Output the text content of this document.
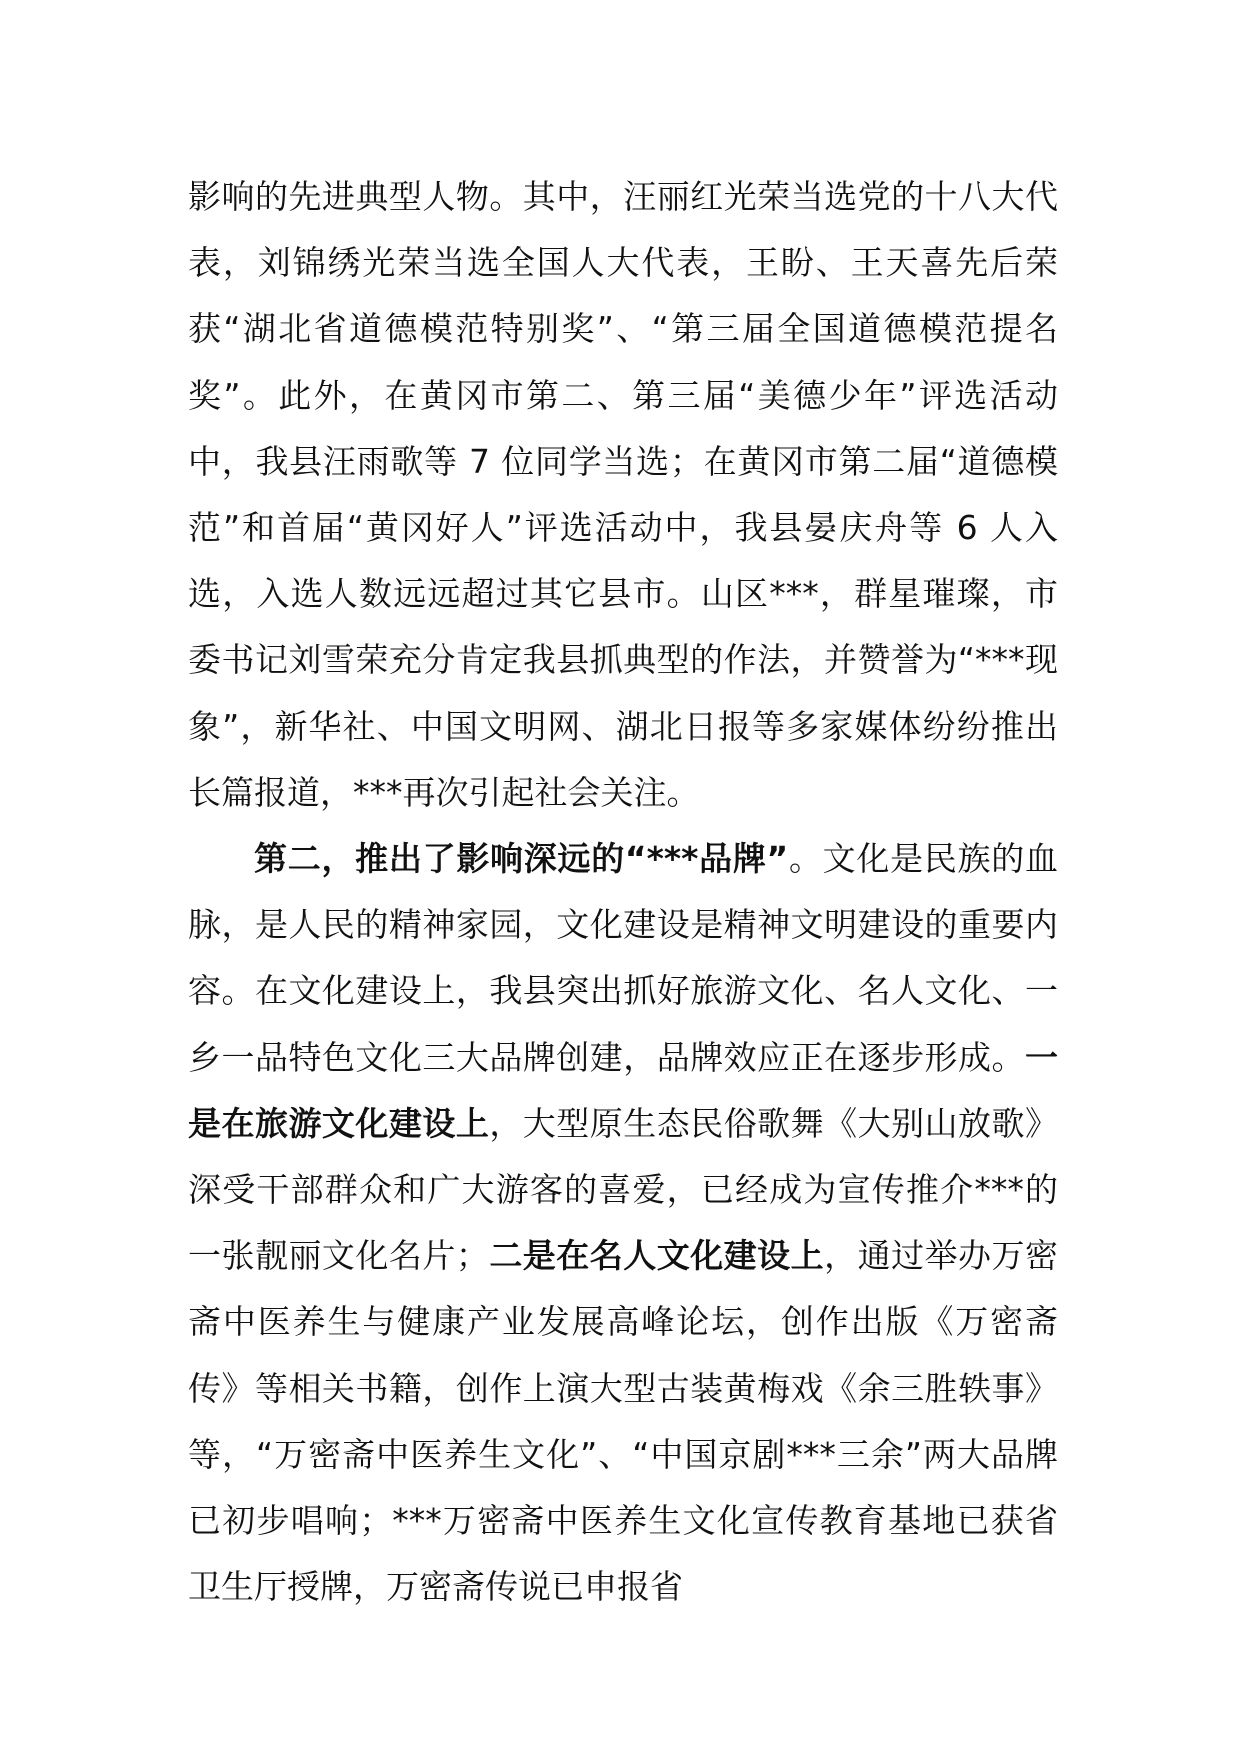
影响的先进典型人物。其中，汪丽红光荣当选党的十八大代表，刘锦绣光荣当选全国人大代表，王盼、王天喜先后荣获“湖北省道德模范特别奖”、“第三届全国道德模范提名奖”。此外，在黄冈市第二、第三届“美德少年”评选活动中，我县汪雨歌等 7 位同学当选；在黄冈市第二届“道德模范”和首届“黄冈好人”评选活动中，我县晏庆舟等 6 人入选，入选人数远远超过其它县市。山区***，群星璀璨，市委书记刘雪荣充分肯定我县抓典型的作法，并赞誉为“***现象”，新华社、中国文明网、湖北日报等多家媒体纷纷推出长篇报道，***再次引起社会关注。

第二，推出了影响深远的“***品牌”。文化是民族的血脉，是人民的精神家园，文化建设是精神文明建设的重要内容。在文化建设上，我县突出抓好旅游文化、名人文化、一乡一品特色文化三大品牌创建，品牌效应正在逐步形成。一是在旅游文化建设上，大型原生态民俗歌舞《大别山放歌》深受干部群众和广大游客的喜爱，已经成为宣传推介***的一张靓丽文化名片；二是在名人文化建设上，通过举办万密斋中医养生与健康产业发展高峰论坛，创作出版《万密斋传》等相关书籍，创作上演大型古装黄梅戏《余三胜轶事》等，“万密斋中医养生文化”、“中国京剧***三余”两大品牌已初步唱响；***万密斋中医养生文化宣传教育基地已获省卫生厅授牌，万密斋传说已申报省
